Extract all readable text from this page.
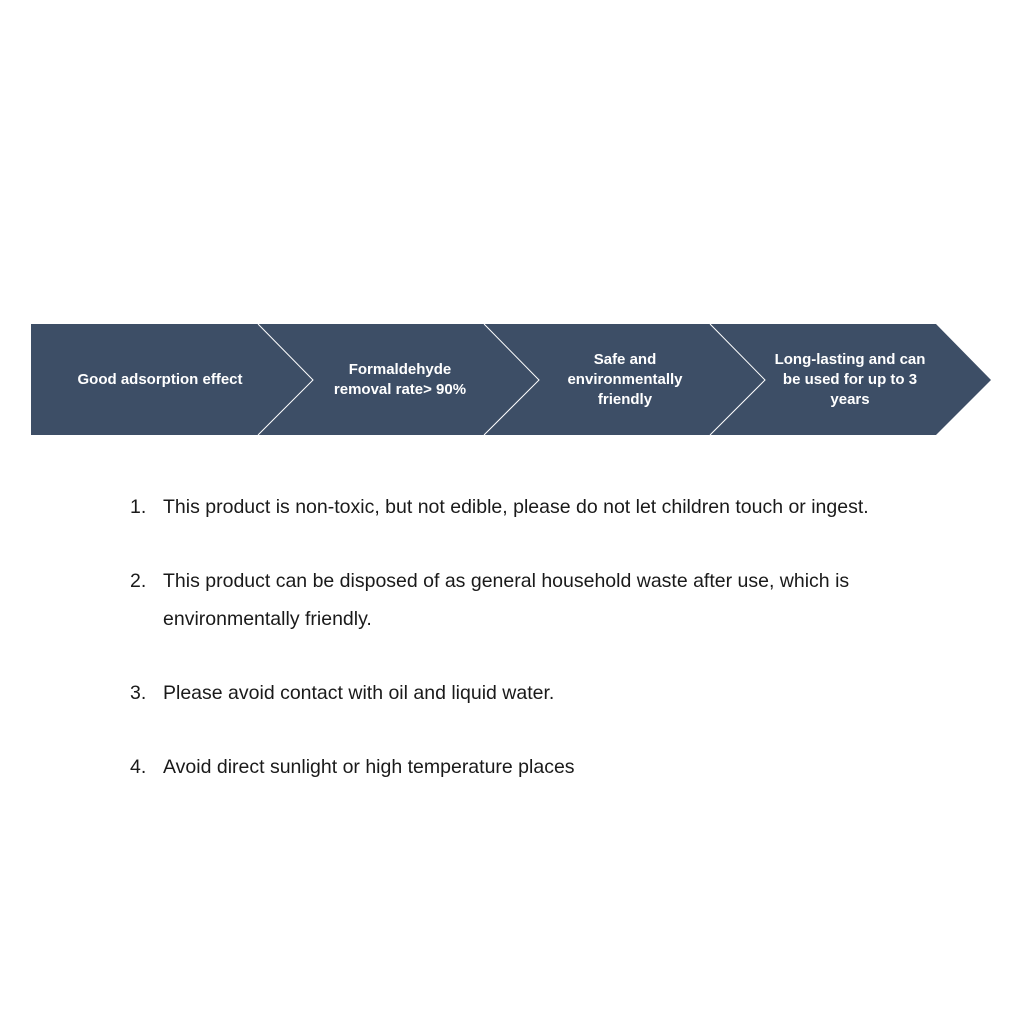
Good adsorption effect
Formaldehyde
removal rate> 90%
Safe and
environmentally
friendly
Long-lasting and can
be used for up to 3
years
1. This product is non-toxic, but not edible, please do not let children touch or ingest.
2. This product can be disposed of as general household waste after use, which is environmentally friendly.
3. Please avoid contact with oil and liquid water.
4. Avoid direct sunlight or high temperature places
